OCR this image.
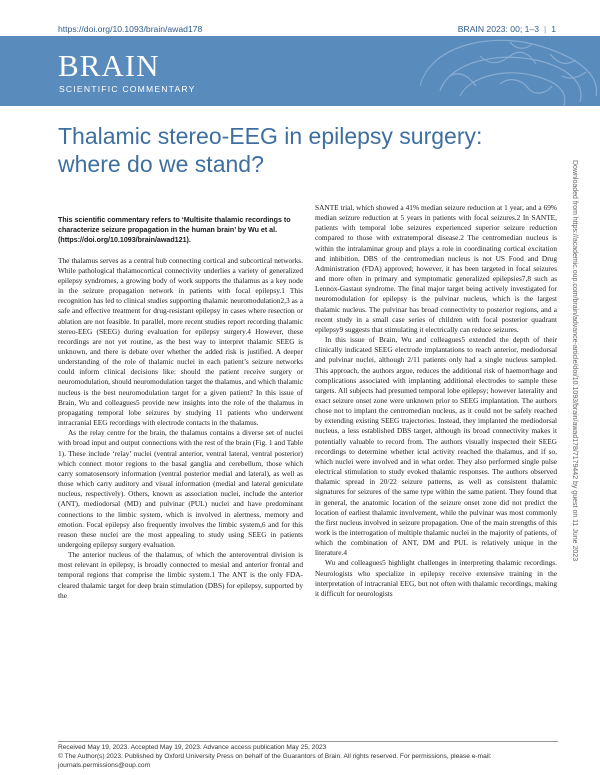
https://doi.org/10.1093/brain/awad178	BRAIN 2023: 00; 1–3 | 1
BRAIN
SCIENTIFIC COMMENTARY
Thalamic stereo-EEG in epilepsy surgery: where do we stand?

This scientific commentary refers to ‘Multisite thalamic recordings to characterize seizure propagation in the human brain’ by Wu et al. (https://doi.org/10.1093/brain/awad121).

The thalamus serves as a central hub connecting cortical and subcortical networks. While pathological thalamocortical connectivity underlies a variety of generalized epilepsy syndromes, a growing body of work supports the thalamus as a key node in the seizure propagation network in patients with focal epilepsy.1 This recognition has led to clinical studies supporting thalamic neuromodulation2,3 as a safe and effective treatment for drug-resistant epilepsy in cases where resection or ablation are not feasible. In parallel, more recent studies report recording thalamic stereo-EEG (SEEG) during evaluation for epilepsy surgery.4 However, these recordings are not yet routine, as the best way to interpret thalamic SEEG is unknown, and there is debate over whether the added risk is justified. A deeper understanding of the role of thalamic nuclei in each patient’s seizure networks could inform clinical decisions like: should the patient receive surgery or neuromodulation, should neuromodulation target the thalamus, and which thalamic nucleus is the best neuromodulation target for a given patient? In this issue of Brain, Wu and colleagues5 provide new insights into the role of the thalamus in propagating temporal lobe seizures by studying 11 patients who underwent intracranial EEG recordings with electrode contacts in the thalamus.

As the relay centre for the brain, the thalamus contains a diverse set of nuclei with broad input and output connections with the rest of the brain (Fig. 1 and Table 1). These include ‘relay’ nuclei (ventral anterior, ventral lateral, ventral posterior) which connect motor regions to the basal ganglia and cerebellum, those which carry somatosensory information (ventral posterior medial and lateral), as well as those which carry auditory and visual information (medial and lateral geniculate nucleus, respectively). Others, known as association nuclei, include the anterior (ANT), mediodorsal (MD) and pulvinar (PUL) nuclei and have predominant connections to the limbic system, which is involved in alertness, memory and emotion. Focal epilepsy also frequently involves the limbic system,6 and for this reason these nuclei are the most appealing to study using SEEG in patients undergoing epilepsy surgery evaluation.

The anterior nucleus of the thalamus, of which the anteroventral division is most relevant in epilepsy, is broadly connected to mesial and anterior frontal and temporal regions that comprise the limbic system.1 The ANT is the only FDA-cleared thalamic target for deep brain stimulation (DBS) for epilepsy, supported by the

SANTE trial, which showed a 41% median seizure reduction at 1 year, and a 69% median seizure reduction at 5 years in patients with focal seizures.2 In SANTE, patients with temporal lobe seizures experienced superior seizure reduction compared to those with extratemporal disease.2 The centromedian nucleus is within the intralaminar group and plays a role in coordinating cortical excitation and inhibition. DBS of the centromedian nucleus is not US Food and Drug Administration (FDA) approved; however, it has been targeted in focal seizures and more often in primary and symptomatic generalized epilepsies7,8 such as Lennox-Gastaut syndrome. The final major target being actively investigated for neuromodulation for epilepsy is the pulvinar nucleus, which is the largest thalamic nucleus. The pulvinar has broad connectivity to posterior regions, and a recent study in a small case series of children with focal posterior quadrant epilepsy9 suggests that stimulating it electrically can reduce seizures.

In this issue of Brain, Wu and colleagues5 extended the depth of their clinically indicated SEEG electrode implantations to reach anterior, mediodorsal and pulvinar nuclei, although 2/11 patients only had a single nucleus sampled. This approach, the authors argue, reduces the additional risk of haemorrhage and complications associated with implanting additional electrodes to sample these targets. All subjects had presumed temporal lobe epilepsy; however laterality and exact seizure onset zone were unknown prior to SEEG implantation. The authors chose not to implant the centromedian nucleus, as it could not be safely reached by extending existing SEEG trajectories. Instead, they implanted the mediodorsal nucleus, a less established DBS target, although its broad connectivity makes it potentially valuable to record from. The authors visually inspected their SEEG recordings to determine whether ictal activity reached the thalamus, and if so, which nuclei were involved and in what order. They also performed single pulse electrical stimulation to study evoked thalamic responses. The authors observed thalamic spread in 20/22 seizure patterns, as well as consistent thalamic signatures for seizures of the same type within the same patient. They found that in general, the anatomic location of the seizure onset zone did not predict the location of earliest thalamic involvement, while the pulvinar was most commonly the first nucleus involved in seizure propagation. One of the main strengths of this work is the interrogation of multiple thalamic nuclei in the majority of patients, of which the combination of ANT, DM and PUL is relatively unique in the literature.4

Wu and colleagues5 highlight challenges in interpreting thalamic recordings. Neurologists who specialize in epilepsy receive extensive training in the interpretation of intracranial EEG, but not often with thalamic recordings, making it difficult for neurologists

Downloaded from https://academic.oup.com/brain/advance-article/doi/10.1093/brain/awad178/7179442 by guest on 11 June 2023
Received May 19, 2023. Accepted May 19, 2023. Advance access publication May 25, 2023
© The Author(s) 2023. Published by Oxford University Press on behalf of the Guarantors of Brain. All rights reserved. For permissions, please e-mail: journals.permissions@oup.com
